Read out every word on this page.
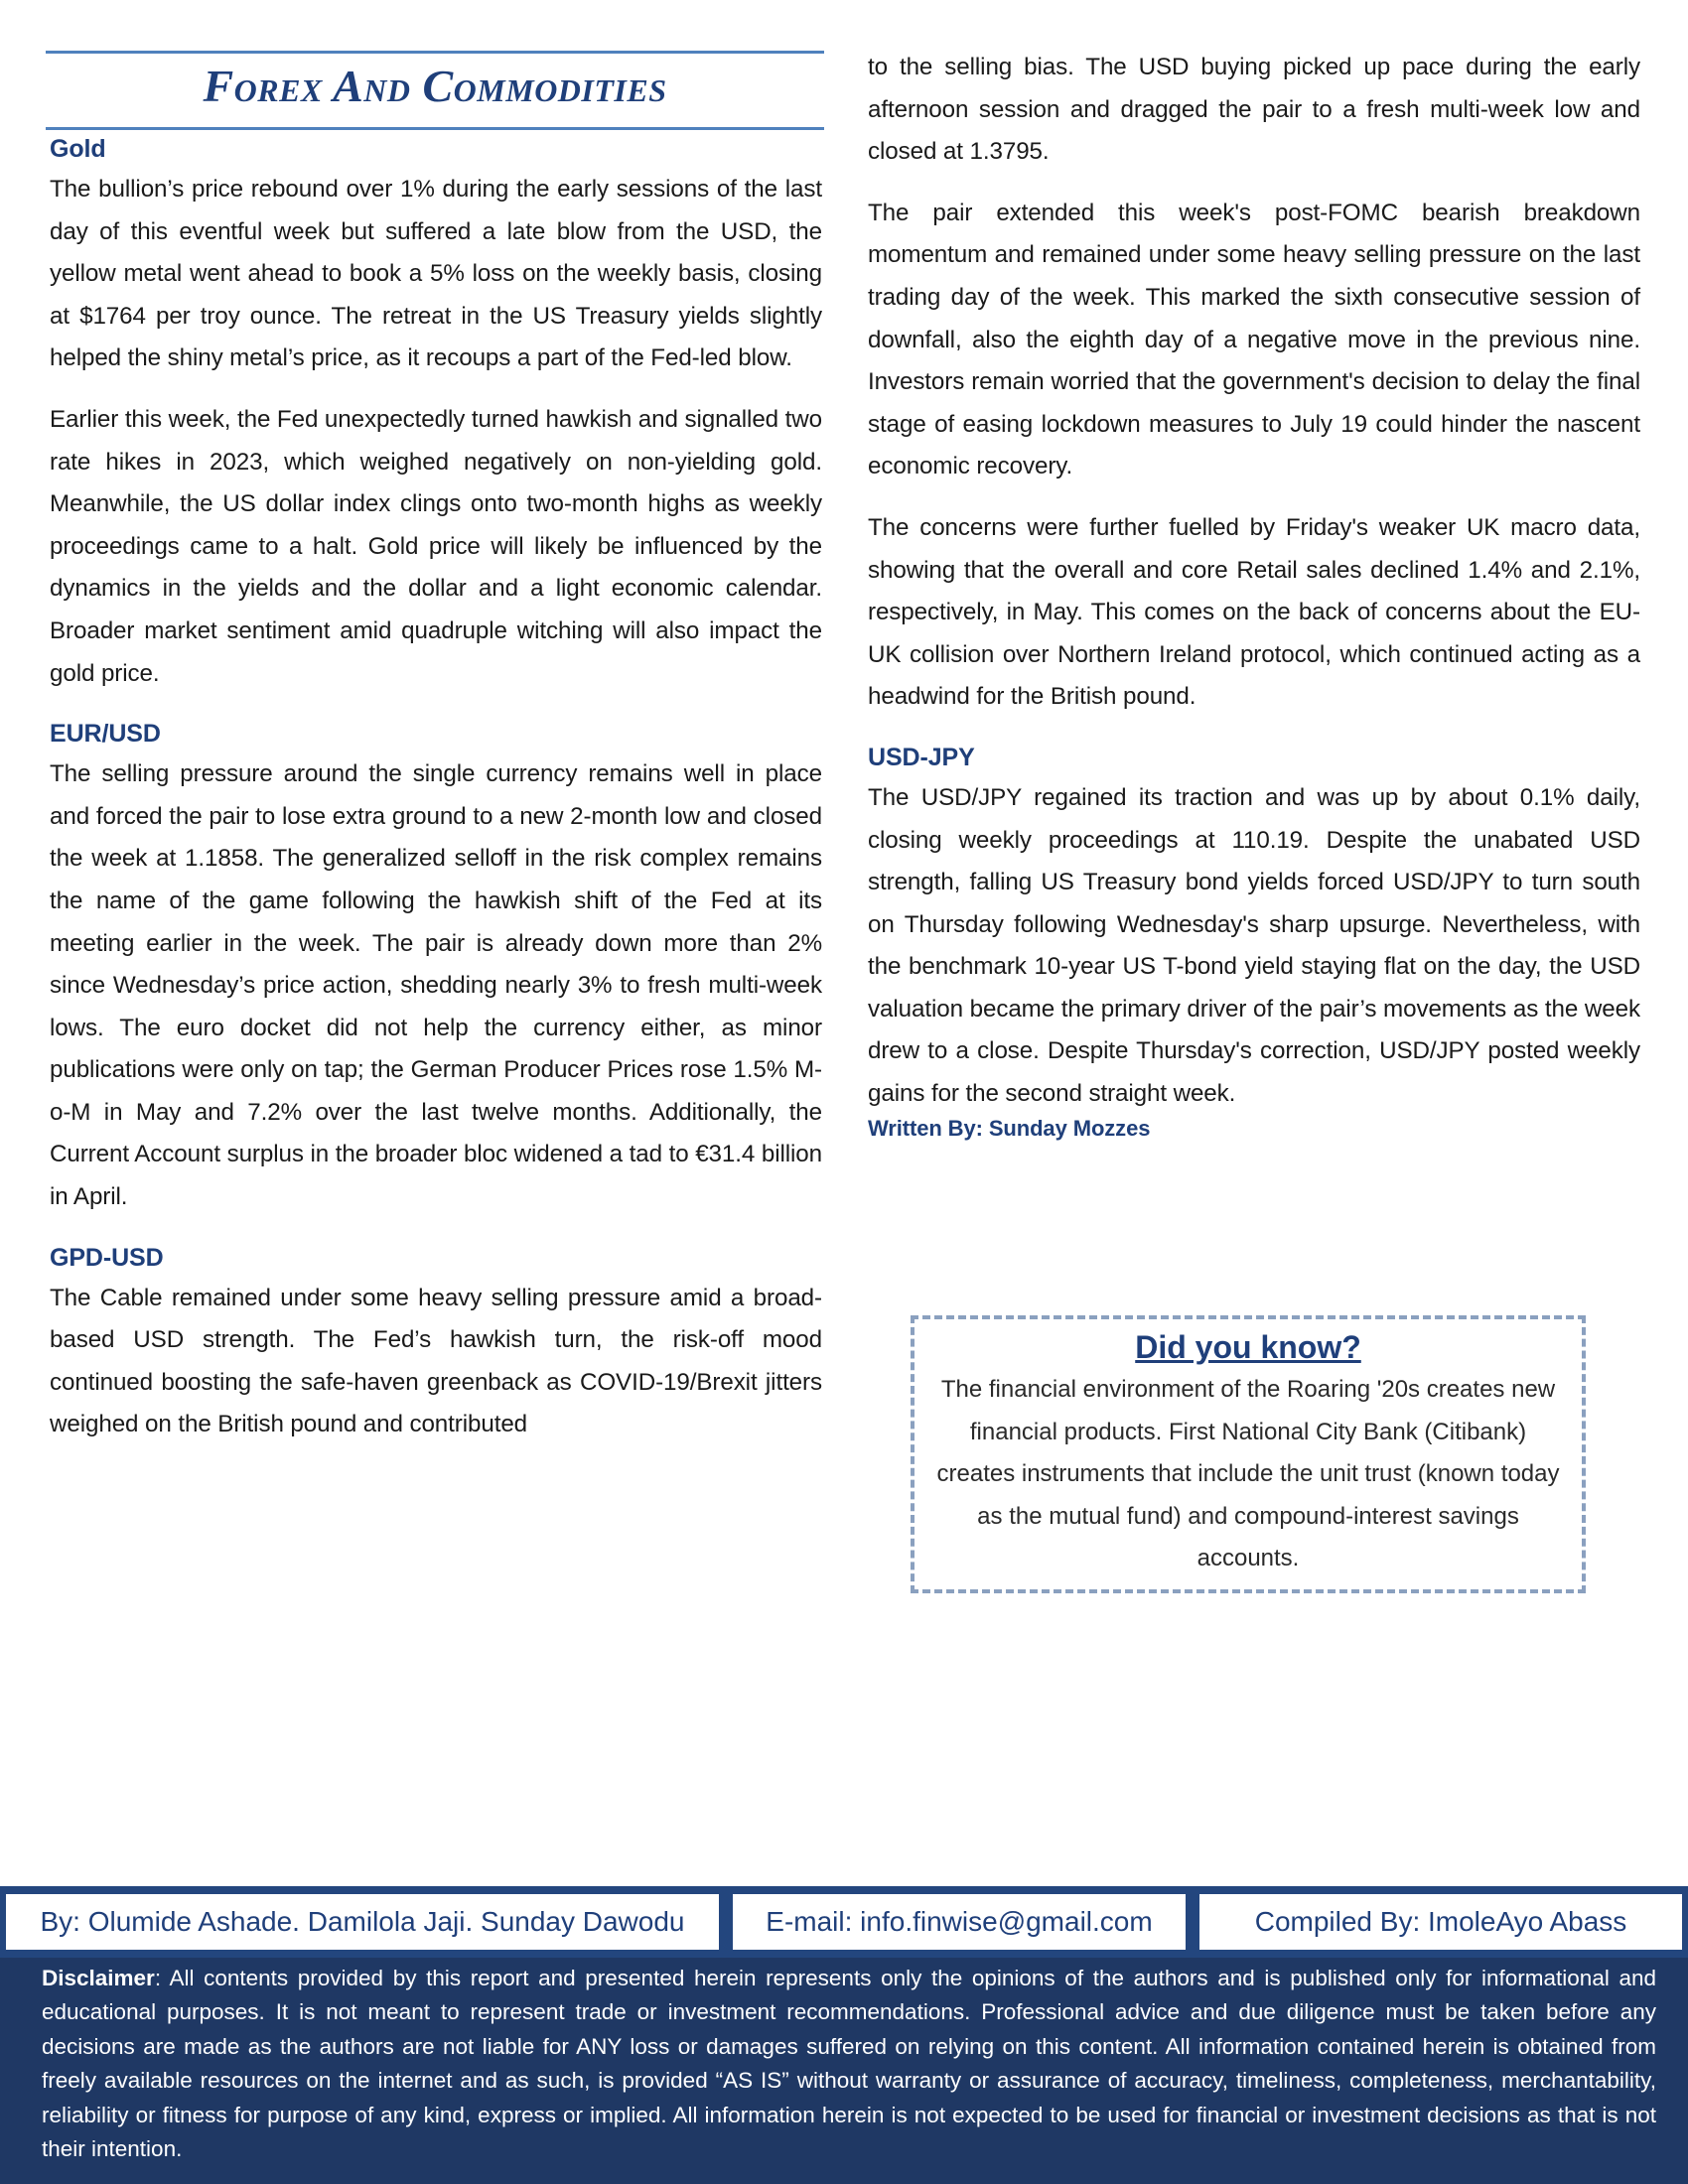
Forex And Commodities
Gold

The bullion’s price rebound over 1% during the early sessions of the last day of this eventful week but suffered a late blow from the USD, the yellow metal went ahead to book a 5% loss on the weekly basis, closing at $1764 per troy ounce. The retreat in the US Treasury yields slightly helped the shiny metal’s price, as it recoups a part of the Fed-led blow.

Earlier this week, the Fed unexpectedly turned hawkish and signalled two rate hikes in 2023, which weighed negatively on non-yielding gold. Meanwhile, the US dollar index clings onto two-month highs as weekly proceedings came to a halt. Gold price will likely be influenced by the dynamics in the yields and the dollar and a light economic calendar. Broader market sentiment amid quadruple witching will also impact the gold price.

EUR/USD

The selling pressure around the single currency remains well in place and forced the pair to lose extra ground to a new 2-month low and closed the week at 1.1858. The generalized selloff in the risk complex remains the name of the game following the hawkish shift of the Fed at its meeting earlier in the week. The pair is already down more than 2% since Wednesday’s price action, shedding nearly 3% to fresh multi-week lows. The euro docket did not help the currency either, as minor publications were only on tap; the German Producer Prices rose 1.5% M-o-M in May and 7.2% over the last twelve months. Additionally, the Current Account surplus in the broader bloc widened a tad to €31.4 billion in April.

GPD-USD

The Cable remained under some heavy selling pressure amid a broad-based USD strength. The Fed’s hawkish turn, the risk-off mood continued boosting the safe-haven greenback as COVID-19/Brexit jitters weighed on the British pound and contributed

to the selling bias. The USD buying picked up pace during the early afternoon session and dragged the pair to a fresh multi-week low and closed at 1.3795.

The pair extended this week's post-FOMC bearish breakdown momentum and remained under some heavy selling pressure on the last trading day of the week. This marked the sixth consecutive session of downfall, also the eighth day of a negative move in the previous nine. Investors remain worried that the government's decision to delay the final stage of easing lockdown measures to July 19 could hinder the nascent economic recovery.

The concerns were further fuelled by Friday's weaker UK macro data, showing that the overall and core Retail sales declined 1.4% and 2.1%, respectively, in May. This comes on the back of concerns about the EU-UK collision over Northern Ireland protocol, which continued acting as a headwind for the British pound.

USD-JPY

The USD/JPY regained its traction and was up by about 0.1% daily, closing weekly proceedings at 110.19. Despite the unabated USD strength, falling US Treasury bond yields forced USD/JPY to turn south on Thursday following Wednesday's sharp upsurge. Nevertheless, with the benchmark 10-year US T-bond yield staying flat on the day, the USD valuation became the primary driver of the pair’s movements as the week drew to a close. Despite Thursday's correction, USD/JPY posted weekly gains for the second straight week.

Written By: Sunday Mozzes
Did you know?

The financial environment of the Roaring '20s creates new financial products. First National City Bank (Citibank) creates instruments that include the unit trust (known today as the mutual fund) and compound-interest savings accounts.

By: Olumide Ashade. Damilola Jaji. Sunday Dawodu	E-mail: info.finwise@gmail.com	Compiled By: ImoleAyo Abass
Disclaimer: All contents provided by this report and presented herein represents only the opinions of the authors and is published only for informational and educational purposes. It is not meant to represent trade or investment recommendations. Professional advice and due diligence must be taken before any decisions are made as the authors are not liable for ANY loss or damages suffered on relying on this content. All information contained herein is obtained from freely available resources on the internet and as such, is provided “AS IS” without warranty or assurance of accuracy, timeliness, completeness, merchantability, reliability or fitness for purpose of any kind, express or implied. All information herein is not expected to be used for financial or investment decisions as that is not their intention.
